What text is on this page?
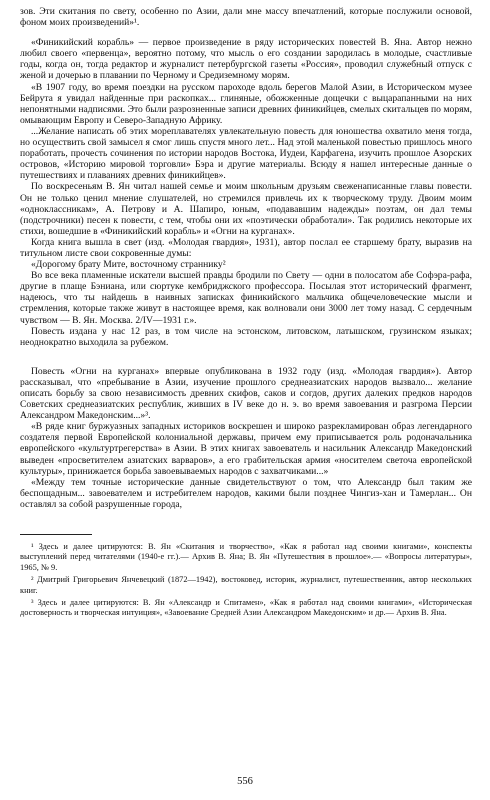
зов. Эти скитания по свету, особенно по Азии, дали мне массу впечатлений, которые послужили основой, фоном моих произведений»¹.

«Финикийский корабль» — первое произведение в ряду исторических повестей В. Яна. Автор нежно любил своего «первенца», вероятно потому, что мысль о его создании зародилась в молодые, счастливые годы, когда он, тогда редактор и журналист петербургской газеты «Россия», проводил служебный отпуск с женой и дочерью в плавании по Черному и Средиземному морям.

«В 1907 году, во время поездки на русском пароходе вдоль берегов Малой Азии, в Историческом музее Бейрута я увидал найденные при раскопках... глиняные, обожженные дощечки с выцарапанными на них непонятными надписями. Это были разрозненные записи древних финикийцев, смелых скитальцев по морям, омывающим Европу и Северо-Западную Африку.

...Желание написать об этих мореплавателях увлекательную повесть для юношества охватило меня тогда, но осуществить свой замысел я смог лишь спустя много лет... Над этой маленькой повестью пришлось много поработать, прочесть сочинения по истории народов Востока, Иудеи, Карфагена, изучить прошлое Азорских островов, «Историю мировой торговли» Бэра и другие материалы. Всюду я нашел интересные данные о путешествиях и плаваниях древних финикийцев».

По воскресеньям В. Ян читал нашей семье и моим школьным друзьям свеженаписанные главы повести. Он не только ценил мнение слушателей, но стремился привлечь их к творческому труду. Двоим моим «одноклассникам», А. Петрову и А. Шапиро, юным, «подававшим надежды» поэтам, он дал темы (подстрочники) песен к повести, с тем, чтобы они их «поэтически обработали». Так родились некоторые их стихи, вошедшие в «Финикийский корабль» и «Огни на курганах».

Когда книга вышла в свет (изд. «Молодая гвардия», 1931), автор послал ее старшему брату, выразив на титульном листе свои сокровенные думы:

«Дорогому брату Мите, восточному страннику²

Во все века пламенные искатели высшей правды бродили по Свету — одни в полосатом абе Софэра-рафа, другие в плаще Бэнианa, или сюртуке кембриджского профессора. Посылая этот исторический фрагмент, надеюсь, что ты найдешь в наивных записках финикийского мальчика общечеловеческие мысли и стремления, которые также живут в настоящее время, как волновали они 3000 лет тому назад. С сердечным чувством — В. Ян. Москва. 2/IV—1931 г.».

Повесть издана у нас 12 раз, в том числе на эстонском, литовском, латышском, грузинском языках; неоднократно выходила за рубежом.

Повесть «Огни на курганах» впервые опубликована в 1932 году (изд. «Молодая гвардия»). Автор рассказывал, что «пребывание в Азии, изучение прошлого среднеазиатских народов вызвало... желание описать борьбу за свою независимость древних скифов, саков и согдов, других далеких предков народов Советских среднеазиатских республик, живших в IV веке до н. э. во время завоевания и разгрома Персии Александром Македонским...»³.

«В ряде книг буржуазных западных историков воскрешен и широко разрекламирован образ легендарного создателя первой Европейской колониальной державы, причем ему приписывается роль родоначальника европейского «культуртрегерства» в Азии. В этих книгах завоеватель и насильник Александр Македонский выведен «просветителем азиатских варваров», а его грабительская армия «носителем светоча европейской культуры», принижается борьба завоевываемых народов с захватчиками...»

«Между тем точные исторические данные свидетельствуют о том, что Александр был таким же беспощадным... завоевателем и истребителем народов, какими были позднее Чингиз-хан и Тамерлан... Он оставлял за собой разрушенные города,

¹ Здесь и далее цитируются: В. Ян «Скитания и творчество», «Как я работал над своими книгами», конспекты выступлений перед читателями (1940-е гг.).— Архив В. Яна; В. Ян «Путешествия в прошлое».— «Вопросы литературы», 1965, № 9.

² Дмитрий Григорьевич Янчевецкий (1872—1942), востоковед, историк, журналист, путешественник, автор нескольких книг.

³ Здесь и далее цитируются: В. Ян «Александр и Спитамен», «Как я работал над своими книгами», «Историческая достоверность и творческая интуиция», «Завоевание Средней Азии Александром Македонским» и др.— Архив В. Яна.

556
